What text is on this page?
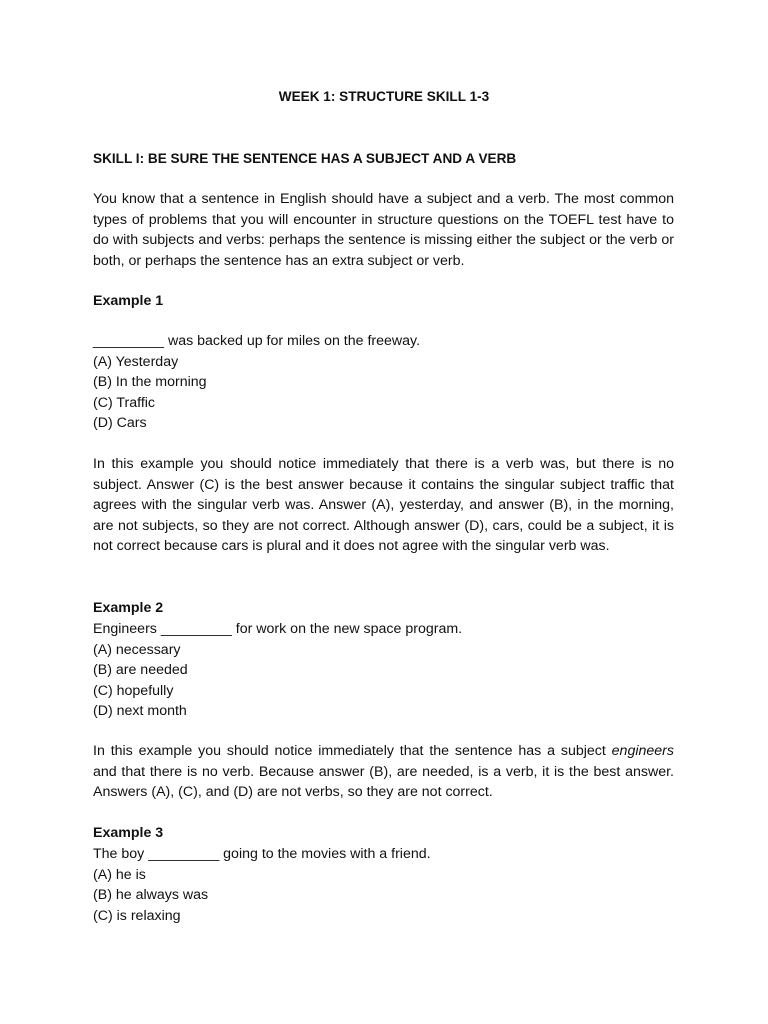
WEEK 1: STRUCTURE SKILL 1-3
SKILL I: BE SURE THE SENTENCE HAS A SUBJECT AND A VERB

You know that a sentence in English should have a subject and a verb. The most common types of problems that you will encounter in structure questions on the TOEFL test have to do with subjects and verbs: perhaps the sentence is missing either the subject or the verb or both, or perhaps the sentence has an extra subject or verb.

Example 1
_________ was backed up for miles on the freeway.
(A) Yesterday
(B) In the morning
(C) Traffic
(D) Cars

In this example you should notice immediately that there is a verb was, but there is no subject. Answer (C) is the best answer because it contains the singular subject traffic that agrees with the singular verb was. Answer (A), yesterday, and answer (B), in the morning, are not subjects, so they are not correct. Although answer (D), cars, could be a subject, it is not correct because cars is plural and it does not agree with the singular verb was.

Example 2
Engineers _________ for work on the new space program.
(A) necessary
(B) are needed
(C) hopefully
(D) next month

In this example you should notice immediately that the sentence has a subject engineers and that there is no verb. Because answer (B), are needed, is a verb, it is the best answer. Answers (A), (C), and (D) are not verbs, so they are not correct.

Example 3
The boy _________ going to the movies with a friend.
(A) he is
(B) he always was
(C) is relaxing
